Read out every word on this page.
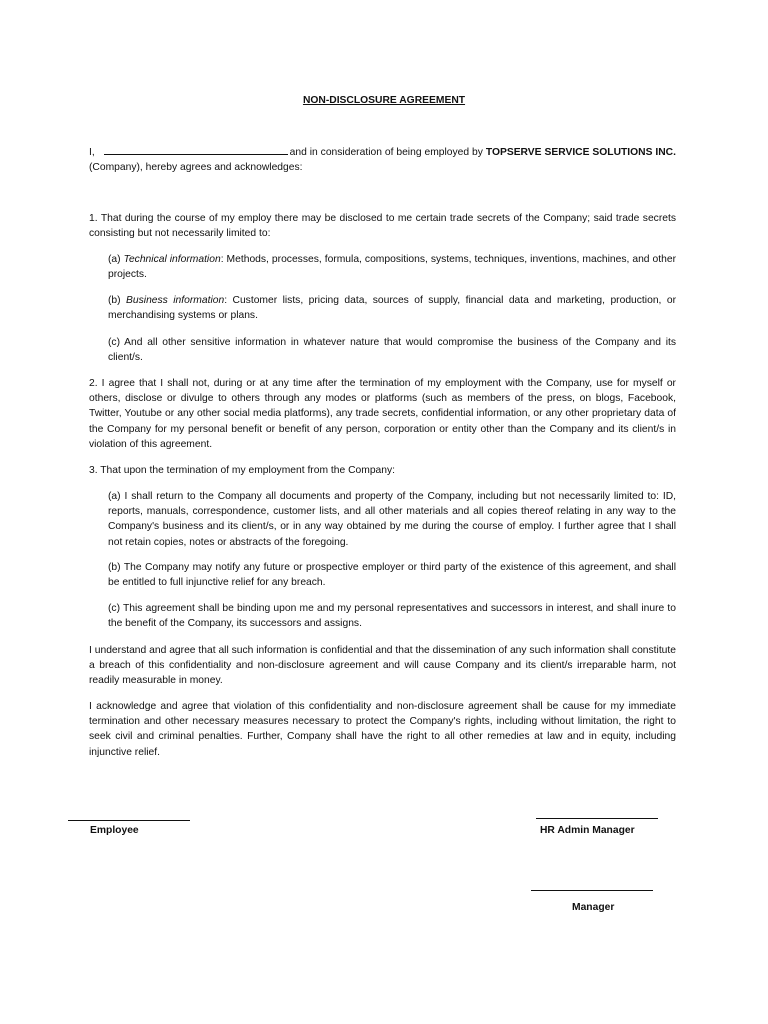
NON-DISCLOSURE AGREEMENT

I,	and in consideration of being employed by TOPSERVE SERVICE SOLUTIONS INC. (Company), hereby agrees and acknowledges:

1. That during the course of my employ there may be disclosed to me certain trade secrets of the Company; said trade secrets consisting but not necessarily limited to:

(a) Technical information: Methods, processes, formula, compositions, systems, techniques, inventions, machines, and other projects.

(b) Business information: Customer lists, pricing data, sources of supply, financial data and marketing, production, or merchandising systems or plans.

(c) And all other sensitive information in whatever nature that would compromise the business of the Company and its client/s.

2. I agree that I shall not, during or at any time after the termination of my employment with the Company, use for myself or others, disclose or divulge to others through any modes or platforms (such as members of the press, on blogs, Facebook, Twitter, Youtube or any other social media platforms), any trade secrets, confidential information, or any other proprietary data of the Company for my personal benefit or benefit of any person, corporation or entity other than the Company and its client/s in violation of this agreement.

3. That upon the termination of my employment from the Company:

(a) I shall return to the Company all documents and property of the Company, including but not necessarily limited to: ID, reports, manuals, correspondence, customer lists, and all other materials and all copies thereof relating in any way to the Company's business and its client/s, or in any way obtained by me during the course of employ. I further agree that I shall not retain copies, notes or abstracts of the foregoing.

(b) The Company may notify any future or prospective employer or third party of the existence of this agreement, and shall be entitled to full injunctive relief for any breach.

(c) This agreement shall be binding upon me and my personal representatives and successors in interest, and shall inure to the benefit of the Company, its successors and assigns.

I understand and agree that all such information is confidential and that the dissemination of any such information shall constitute a breach of this confidentiality and non-disclosure agreement and will cause Company and its client/s irreparable harm, not readily measurable in money.

I acknowledge and agree that violation of this confidentiality and non-disclosure agreement shall be cause for my immediate termination and other necessary measures necessary to protect the Company's rights, including without limitation, the right to seek civil and criminal penalties. Further, Company shall have the right to all other remedies at law and in equity, including injunctive relief.

Employee	HR Admin Manager
Manager
